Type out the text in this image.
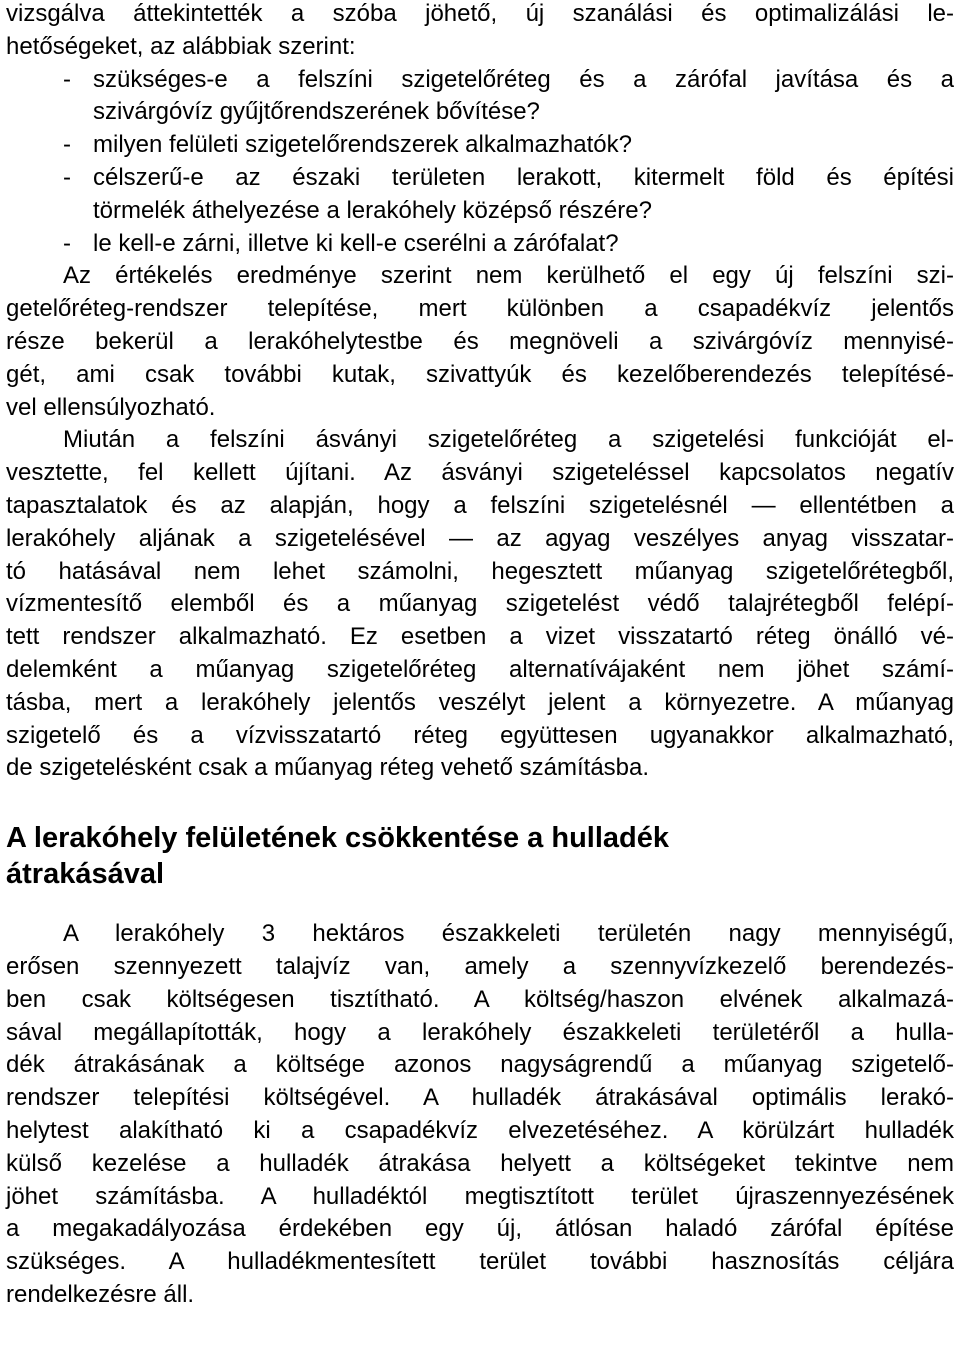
vizsgálva áttekintették a szóba jöhető, új szanálási és optimalizálási le-
hetőségeket, az alábbiak szerint:

- szükséges-e a felszíni szigetelőréteg és a zárófal javítása és a
szivárgóvíz gyűjtőrendszerének bővítése?
- milyen felületi szigetelőrendszerek alkalmazhatók?
- célszerű-e az északi területen lerakott, kitermelt föld és építési
törmelék áthelyezése a lerakóhely középső részére?
- le kell-e zárni, illetve ki kell-e cserélni a zárófalat?

Az értékelés eredménye szerint nem kerülhető el egy új felszíni szi-
getelőréteg-rendszer telepítése, mert különben a csapadékvíz jelentős
része bekerül a lerakóhelytestbe és megnöveli a szivárgóvíz mennyisé-
gét, ami csak további kutak, szivattyúk és kezelőberendezés telepítésé-
vel ellensúlyozható.

Miután a felszíni ásványi szigetelőréteg a szigetelési funkcióját el-
vesztette, fel kellett újítani. Az ásványi szigeteléssel kapcsolatos negatív
tapasztalatok és az alapján, hogy a felszíni szigetelésnél — ellentétben a
lerakóhely aljának a szigetelésével — az agyag veszélyes anyag visszatar-
tó hatásával nem lehet számolni, hegesztett műanyag szigetelőrétegből,
vízmentesítő elemből és a műanyag szigetelést védő talajrétegből felépí-
tett rendszer alkalmazható. Ez esetben a vizet visszatartó réteg önálló vé-
delemként a műanyag szigetelőréteg alternatívájaként nem jöhet számí-
tásba, mert a lerakóhely jelentős veszélyt jelent a környezetre. A műanyag
szigetelő és a vízvisszatartó réteg együttesen ugyanakkor alkalmazható,
de szigetelésként csak a műanyag réteg vehető számításba.

A lerakóhely felületének csökkentése a hulladék
átrakásával

A lerakóhely 3 hektáros északkeleti területén nagy mennyiségű,
erősen szennyezett talajvíz van, amely a szennyvízkezelő berendezés-
ben csak költségesen tisztítható. A költség/haszon elvének alkalmazá-
sával megállapították, hogy a lerakóhely északkeleti területéről a hulla-
dék átrakásának a költsége azonos nagyságrendű a műanyag szigetelő-
rendszer telepítési költségével. A hulladék átrakásával optimális lerakó-
helytest alakítható ki a csapadékvíz elvezetéséhez. A körülzárt hulladék
külső kezelése a hulladék átrakása helyett a költségeket tekintve nem
jöhet számításba. A hulladéktól megtisztított terület újraszennyezésének
a megakadályozása érdekében egy új, átlósan haladó zárófal építése
szükséges. A hulladékmentesített terület további hasznosítás céljára
rendelkezésre áll.
